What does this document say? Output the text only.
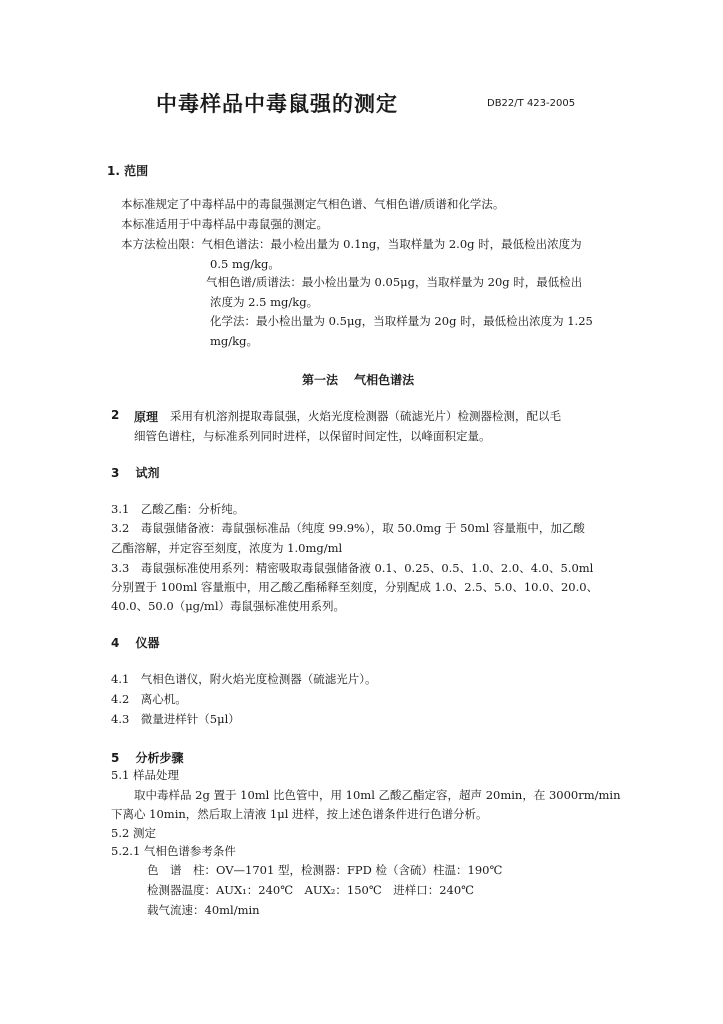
中毒样品中毒鼠强的测定	DB22/T 423-2005
1. 范围
本标准规定了中毒样品中的毒鼠强测定气相色谱、气相色谱/质谱和化学法。
本标准适用于中毒样品中毒鼠强的测定。
本方法检出限：气相色谱法：最小检出量为 0.1ng，当取样量为 2.0g 时，最低检出浓度为
0.5 mg/kg。
气相色谱/质谱法：最小检出量为 0.05μg，当取样量为 20g 时，最低检出
浓度为 2.5 mg/kg。
化学法：最小检出量为 0.5μg，当取样量为 20g 时，最低检出浓度为 1.25
mg/kg。
第一法　 气相色谱法
2 原理 采用有机溶剂提取毒鼠强，火焰光度检测器（硫滤光片）检测器检测，配以毛
细管色谱柱，与标准系列同时进样，以保留时间定性，以峰面积定量。
3　 试剂
3.1　乙酸乙酯：分析纯。
3.2　毒鼠强储备液：毒鼠强标准品（纯度 99.9%），取 50.0mg 于 50ml 容量瓶中，加乙酸
乙酯溶解，并定容至刻度，浓度为 1.0mg/ml
3.3　毒鼠强标准使用系列：精密吸取毒鼠强储备液 0.1、0.25、0.5、1.0、2.0、4.0、5.0ml
分别置于 100ml 容量瓶中，用乙酸乙酯稀释至刻度，分别配成 1.0、2.5、5.0、10.0、20.0、
40.0、50.0（μg/ml）毒鼠强标准使用系列。
4　 仪器
4.1　气相色谱仪，附火焰光度检测器（硫滤光片）。
4.2　离心机。
4.3　微量进样针（5μl）
5　 分析步骤
5.1 样品处理
取中毒样品 2g 置于 10ml 比色管中，用 10ml 乙酸乙酯定容，超声 20min，在 3000rm/min
下离心 10min，然后取上清液 1μl 进样，按上述色谱条件进行色谱分析。
5.2 测定
5.2.1 气相色谱参考条件
色　谱　柱：OV—1701 型，检测器：FPD 检（含硫）柱温：190℃
检测器温度：AUX₁：240℃　AUX₂：150℃　进样口：240℃
载气流速：40ml/min
